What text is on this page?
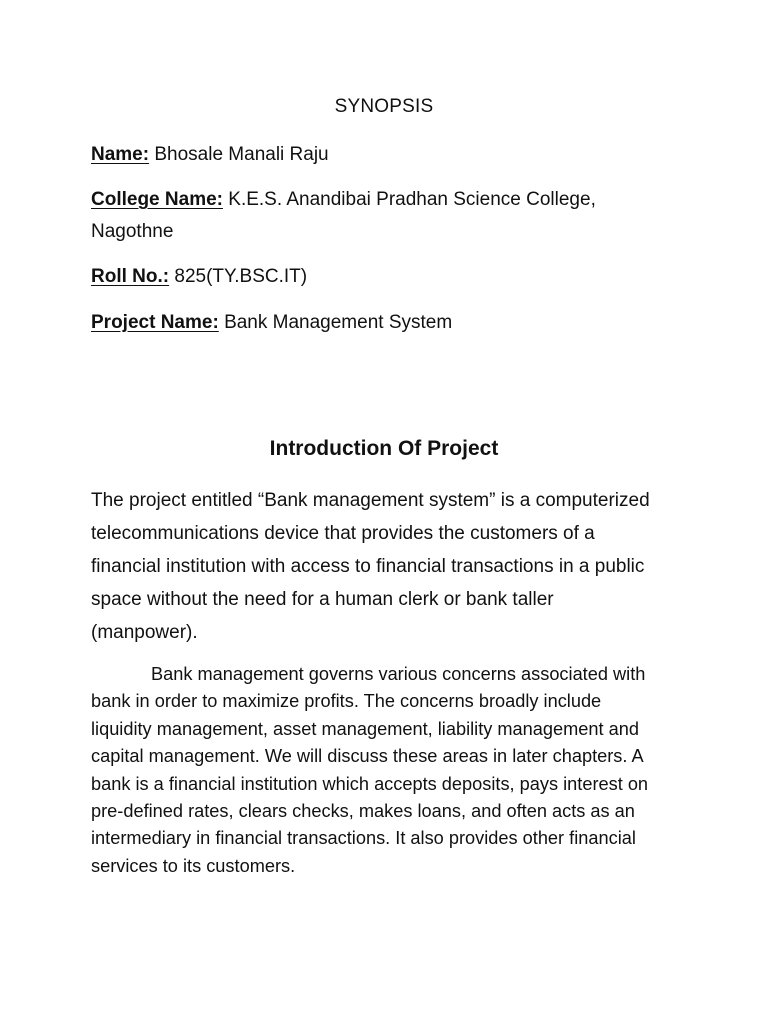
SYNOPSIS
Name: Bhosale Manali Raju
College Name: K.E.S. Anandibai Pradhan Science College, Nagothne
Roll No.: 825(TY.BSC.IT)
Project Name: Bank Management System
Introduction Of Project

The project entitled “Bank management system” is a computerized telecommunications device that provides the customers of a financial institution with access to financial transactions in a public space without the need for a human clerk or bank taller (manpower).

Bank management governs various concerns associated with bank in order to maximize profits. The concerns broadly include liquidity management, asset management, liability management and capital management. We will discuss these areas in later chapters. A bank is a financial institution which accepts deposits, pays interest on pre-defined rates, clears checks, makes loans, and often acts as an intermediary in financial transactions. It also provides other financial services to its customers.
